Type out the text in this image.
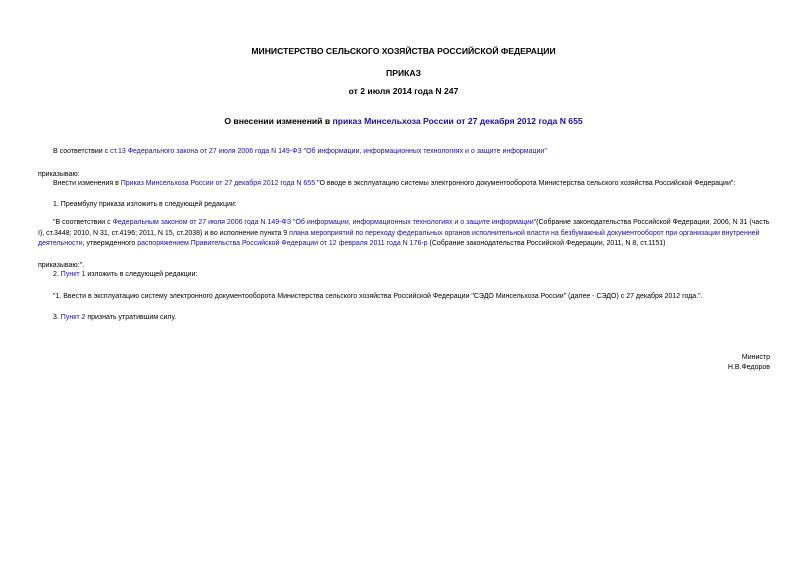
МИНИСТЕРСТВО СЕЛЬСКОГО ХОЗЯЙСТВА РОССИЙСКОЙ ФЕДЕРАЦИИ
ПРИКАЗ
от 2 июля 2014 года N 247
О внесении изменений в приказ Минсельхоза России от 27 декабря 2012 года N 655
В соответствии с ст.13 Федерального закона от 27 июля 2006 года N 149-ФЗ "Об информации, информационных технологиях и о защите информации"
приказываю:
Внести изменения в Приказ Минсельхоза России от 27 декабря 2012 года N 655 "О вводе в эксплуатацию системы электронного документооборота Министерства сельского хозяйства Российской Федерации":
1. Преамбулу приказа изложить в следующей редакции:
"В соответствии с Федеральным законом от 27 июля 2006 года N 149-ФЗ "Об информации, информационных технологиях и о защите информации"(Собрание законодательства Российской Федерации, 2006, N 31 (часть I), ст.3448; 2010, N 31, ст.4196; 2011, N 15, ст.2038) и во исполнение пункта 9 плана мероприятий по переходу федеральных органов исполнительной власти на безбумажный документооборот при организации внутренней деятельности, утвержденного распоряжением Правительства Российской Федерации от 12 февраля 2011 года N 176-р (Собрание законодательства Российской Федерации, 2011, N 8, ст.1151)
приказываю:".
2. Пункт 1 изложить в следующей редакции:
"1. Ввести в эксплуатацию систему электронного документооборота Министерства сельского хозяйства Российской Федерации "СЭДО Минсельхоза России" (далее - СЭДО) с 27 декабря 2012 года.".
3. Пункт 2 признать утратившим силу.
Министр
Н.В.Федоров
